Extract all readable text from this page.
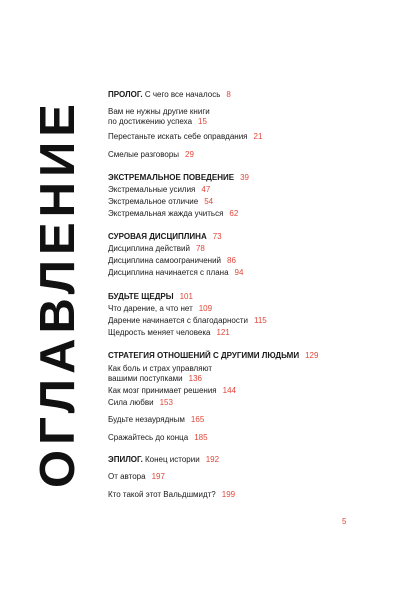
ОГЛАВЛЕНИЕ
ПРОЛОГ. С чего все началось 8
Вам не нужны другие книги
по достижению успеха 15
Перестаньте искать себе оправдания 21
Смелые разговоры 29
ЭКСТРЕМАЛЬНОЕ ПОВЕДЕНИЕ 39
Экстремальные усилия 47
Экстремальное отличие 54
Экстремальная жажда учиться 62
СУРОВАЯ ДИСЦИПЛИНА 73
Дисциплина действий 78
Дисциплина самоограничений 86
Дисциплина начинается с плана 94
БУДЬТЕ ЩЕДРЫ 101
Что дарение, а что нет 109
Дарение начинается с благодарности 115
Щедрость меняет человека 121
СТРАТЕГИЯ ОТНОШЕНИЙ С ДРУГИМИ ЛЮДЬМИ 129
Как боль и страх управляют
вашими поступками 136
Как мозг принимает решения 144
Сила любви 153
Будьте незаурядным 165
Сражайтесь до конца 185
ЭПИЛОГ. Конец истории 192
От автора 197
Кто такой этот Вальдшмидт? 199
5
